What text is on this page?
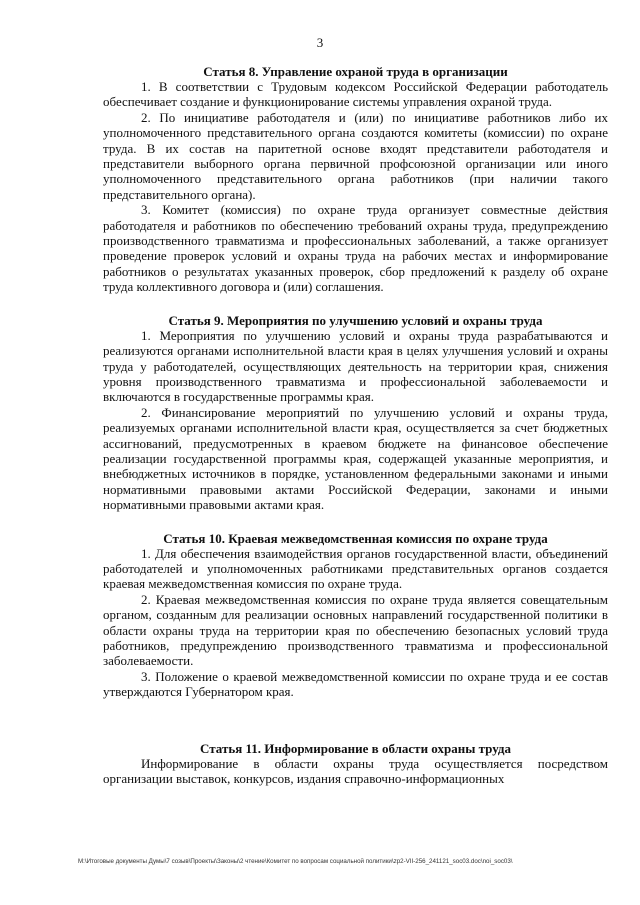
3
Статья 8. Управление охраной труда в организации

1. В соответствии с Трудовым кодексом Российской Федерации работодатель обеспечивает создание и функционирование системы управления охраной труда.

2. По инициативе работодателя и (или) по инициативе работников либо их уполномоченного представительного органа создаются комитеты (комиссии) по охране труда. В их состав на паритетной основе входят представители работодателя и представители выборного органа первичной профсоюзной организации или иного уполномоченного представительного органа работников (при наличии такого представительного органа).

3. Комитет (комиссия) по охране труда организует совместные действия работодателя и работников по обеспечению требований охраны труда, предупреждению производственного травматизма и профессиональных заболеваний, а также организует проведение проверок условий и охраны труда на рабочих местах и информирование работников о результатах указанных проверок, сбор предложений к разделу об охране труда коллективного договора и (или) соглашения.

Статья 9. Мероприятия по улучшению условий и охраны труда

1. Мероприятия по улучшению условий и охраны труда разрабатываются и реализуются органами исполнительной власти края в целях улучшения условий и охраны труда у работодателей, осуществляющих деятельность на территории края, снижения уровня производственного травматизма и профессиональной заболеваемости и включаются в государственные программы края.

2. Финансирование мероприятий по улучшению условий и охраны труда, реализуемых органами исполнительной власти края, осуществляется за счет бюджетных ассигнований, предусмотренных в краевом бюджете на финансовое обеспечение реализации государственной программы края, содержащей указанные мероприятия, и внебюджетных источников в порядке, установленном федеральными законами и иными нормативными правовыми актами Российской Федерации, законами и иными нормативными правовыми актами края.

Статья 10. Краевая межведомственная комиссия по охране труда

1. Для обеспечения взаимодействия органов государственной власти, объединений работодателей и уполномоченных работниками представительных органов создается краевая межведомственная комиссия по охране труда.

2. Краевая межведомственная комиссия по охране труда является совещательным органом, созданным для реализации основных направлений государственной политики в области охраны труда на территории края по обеспечению безопасных условий труда работников, предупреждению производственного травматизма и профессиональной заболеваемости.

3. Положение о краевой межведомственной комиссии по охране труда и ее состав утверждаются Губернатором края.

Статья 11. Информирование в области охраны труда

Информирование в области охраны труда осуществляется посредством организации выставок, конкурсов, издания справочно-информационных

M:\Итоговые документы Думы\7 созыв\Проекты\Законы\2 чтение\Комитет по вопросам социальной политики\zp2-VII-256_241121_soc03.doc\noi_soc03\
